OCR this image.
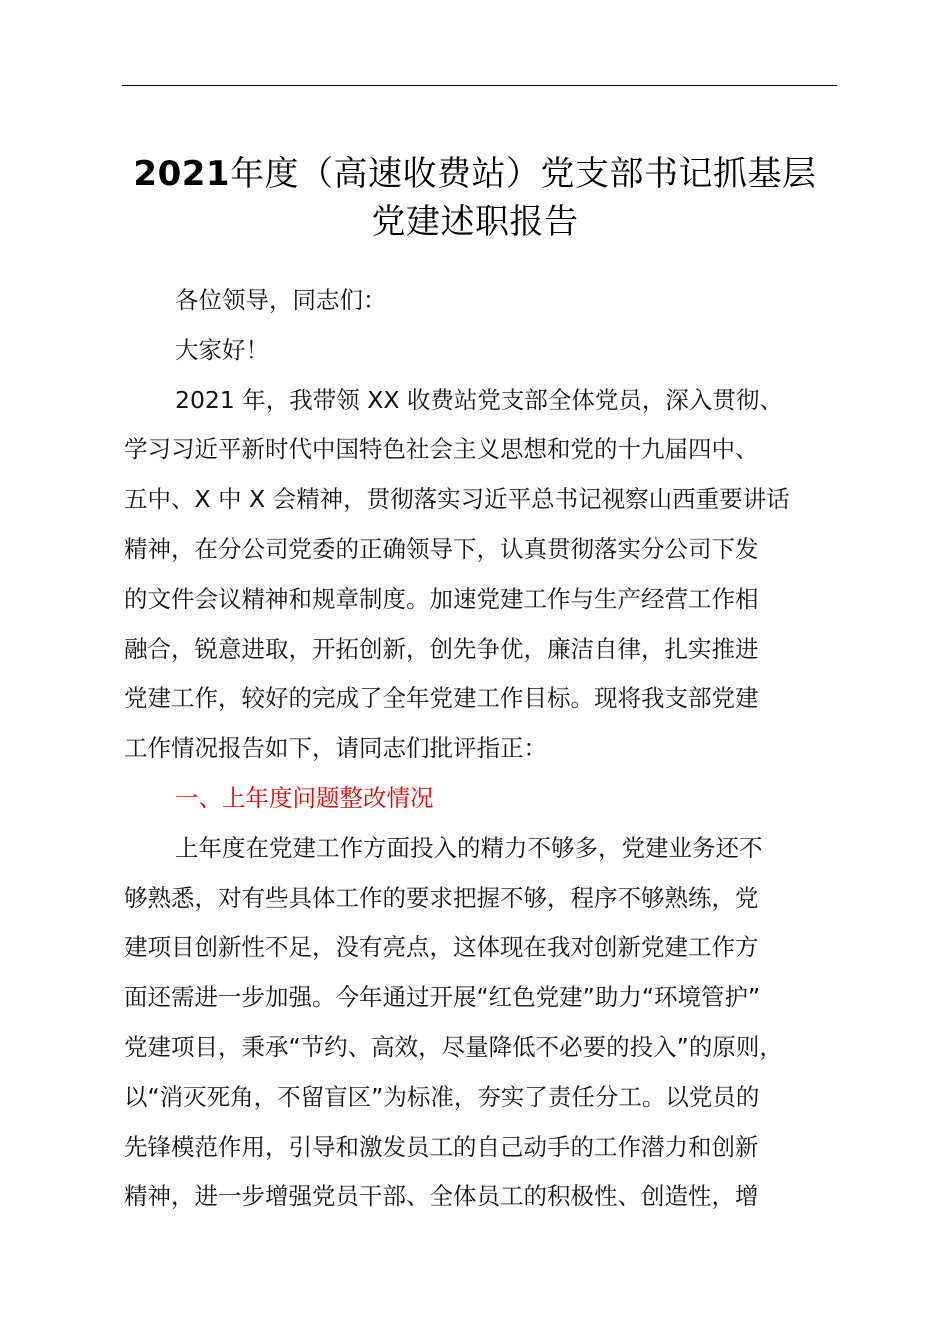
2021年度（高速收费站）党支部书记抓基层
党建述职报告
各位领导，同志们：
大家好！
2021 年，我带领 XX 收费站党支部全体党员，深入贯彻、
学习习近平新时代中国特色社会主义思想和党的十九届四中、
五中、X 中 X 会精神，贯彻落实习近平总书记视察山西重要讲话
精神，在分公司党委的正确领导下，认真贯彻落实分公司下发
的文件会议精神和规章制度。加速党建工作与生产经营工作相
融合，锐意进取，开拓创新，创先争优，廉洁自律，扎实推进
党建工作，较好的完成了全年党建工作目标。现将我支部党建
工作情况报告如下，请同志们批评指正：
一、上年度问题整改情况
上年度在党建工作方面投入的精力不够多，党建业务还不
够熟悉，对有些具体工作的要求把握不够，程序不够熟练，党
建项目创新性不足，没有亮点，这体现在我对创新党建工作方
面还需进一步加强。今年通过开展“红色党建”助力“环境管护”
党建项目，秉承“节约、高效，尽量降低不必要的投入”的原则，
以“消灭死角，不留盲区”为标准，夯实了责任分工。以党员的
先锋模范作用，引导和激发员工的自己动手的工作潜力和创新
精神，进一步增强党员干部、全体员工的积极性、创造性，增
